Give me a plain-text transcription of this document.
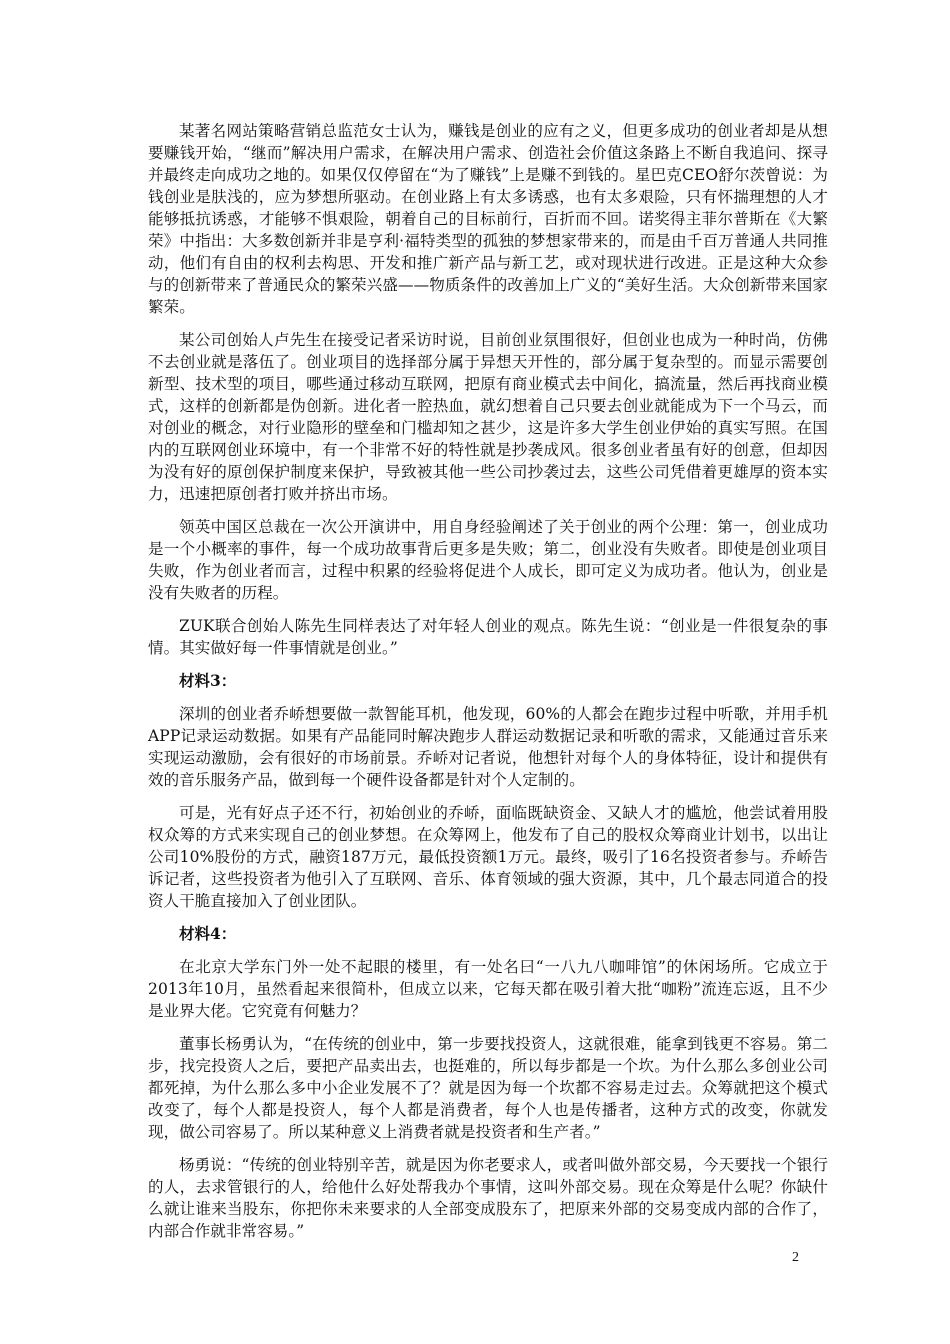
某著名网站策略营销总监范女士认为，赚钱是创业的应有之义，但更多成功的创业者却是从想要赚钱开始，“继而”解决用户需求，在解决用户需求、创造社会价值这条路上不断自我追问、探寻并最终走向成功之地的。如果仅仅停留在“为了赚钱”上是赚不到钱的。星巴克CEO舒尔茨曾说：为钱创业是肤浅的，应为梦想所驱动。在创业路上有太多诱惑，也有太多艰险，只有怀揣理想的人才能够抵抗诱惑，才能够不惧艰险，朝着自己的目标前行，百折而不回。诺奖得主菲尔普斯在《大繁荣》中指出：大多数创新并非是亨利·福特类型的孤独的梦想家带来的，而是由千百万普通人共同推动，他们有自由的权利去构思、开发和推广新产品与新工艺，或对现状进行改进。正是这种大众参与的创新带来了普通民众的繁荣兴盛——物质条件的改善加上广义的“美好生活。大众创新带来国家繁荣。

某公司创始人卢先生在接受记者采访时说，目前创业氛围很好，但创业也成为一种时尚，仿佛不去创业就是落伍了。创业项目的选择部分属于异想天开性的，部分属于复杂型的。而显示需要创新型、技术型的项目，哪些通过移动互联网，把原有商业模式去中间化，搞流量，然后再找商业模式，这样的创新都是伪创新。进化者一腔热血，就幻想着自己只要去创业就能成为下一个马云，而对创业的概念，对行业隐形的壁垒和门槛却知之甚少，这是许多大学生创业伊始的真实写照。在国内的互联网创业环境中，有一个非常不好的特性就是抄袭成风。很多创业者虽有好的创意，但却因为没有好的原创保护制度来保护，导致被其他一些公司抄袭过去，这些公司凭借着更雄厚的资本实力，迅速把原创者打败并挤出市场。

领英中国区总裁在一次公开演讲中，用自身经验阐述了关于创业的两个公理：第一，创业成功是一个小概率的事件，每一个成功故事背后更多是失败；第二，创业没有失败者。即使是创业项目失败，作为创业者而言，过程中积累的经验将促进个人成长，即可定义为成功者。他认为，创业是没有失败者的历程。

ZUK联合创始人陈先生同样表达了对年轻人创业的观点。陈先生说：“创业是一件很复杂的事情。其实做好每一件事情就是创业。”

材料3：

深圳的创业者乔峤想要做一款智能耳机，他发现，60%的人都会在跑步过程中听歌，并用手机APP记录运动数据。如果有产品能同时解决跑步人群运动数据记录和听歌的需求，又能通过音乐来实现运动激励，会有很好的市场前景。乔峤对记者说，他想针对每个人的身体特征，设计和提供有效的音乐服务产品，做到每一个硬件设备都是针对个人定制的。

可是，光有好点子还不行，初始创业的乔峤，面临既缺资金、又缺人才的尴尬，他尝试着用股权众筹的方式来实现自己的创业梦想。在众筹网上，他发布了自己的股权众筹商业计划书，以出让公司10%股份的方式，融资187万元，最低投资额1万元。最终，吸引了16名投资者参与。乔峤告诉记者，这些投资者为他引入了互联网、音乐、体育领域的强大资源，其中，几个最志同道合的投资人干脆直接加入了创业团队。

材料4：

在北京大学东门外一处不起眼的楼里，有一处名曰“一八九八咖啡馆”的休闲场所。它成立于2013年10月，虽然看起来很简朴，但成立以来，它每天都在吸引着大批“咖粉”流连忘返，且不少是业界大佬。它究竟有何魅力？

董事长杨勇认为，“在传统的创业中，第一步要找投资人，这就很难，能拿到钱更不容易。第二步，找完投资人之后，要把产品卖出去，也挺难的，所以每步都是一个坎。为什么那么多创业公司都死掉，为什么那么多中小企业发展不了？就是因为每一个坎都不容易走过去。众筹就把这个模式改变了，每个人都是投资人，每个人都是消费者，每个人也是传播者，这种方式的改变，你就发现，做公司容易了。所以某种意义上消费者就是投资者和生产者。”

杨勇说：“传统的创业特别辛苦，就是因为你老要求人，或者叫做外部交易，今天要找一个银行的人，去求管银行的人，给他什么好处帮我办个事情，这叫外部交易。现在众筹是什么呢？你缺什么就让谁来当股东，你把你未来要求的人全部变成股东了，把原来外部的交易变成内部的合作了，内部合作就非常容易。”

2
